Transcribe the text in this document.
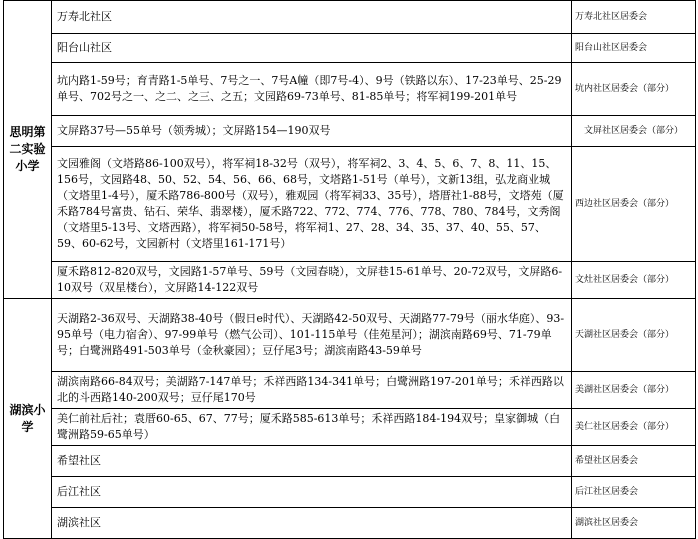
思明第二实验小学	万寿北社区	万寿北社区居委会
	阳台山社区	阳台山社区居委会
	坑内路1-59号；育青路1-5单号、7号之一、7号A幢（即7号-4）、9号（铁路以东）、17-23单号、25-29单号、702号之一、之二、之三、之五；文园路69-73单号、81-85单号；将军祠199-201单号	坑内社区居委会（部分）
	文屏路37号—55单号（领秀城）；文屏路154—190双号	文屏社区居委会（部分）
	文园雅阁（文塔路86-100双号），将军祠18-32号（双号），将军祠2、3、4、5、6、7、8、11、15、156号，文园路48、50、52、54、56、66、68号，文塔路1-51号（单号），文新13组，弘龙商业城（文塔里1-4号），厦禾路786-800号（双号），雅观园（将军祠33、35号），塔厝社1-88号，文塔苑（厦禾路784号富贵、钻石、荣华、翡翠楼），厦禾路722、772、774、776、778、780、784号，文秀阁（文塔里5-13号、文塔西路），将军祠50-58号，将军祠1、27、28、34、35、37、40、55、57、59、60-62号，文园新村（文塔里161-171号）	西边社区居委会（部分）
	厦禾路812-820双号，文园路1-57单号、59号（文园春晓），文屏巷15-61单号、20-72双号，文屏路6-10双号（双星楼台），文屏路14-122双号	文灶社区居委会（部分）
湖滨小学	天湖路2-36双号、天湖路38-40号（假日e时代）、天湖路42-50双号、天湖路77-79号（丽水华庭）、93-95单号（电力宿舍）、97-99单号（燃气公司）、101-115单号（佳苑星河）；湖滨南路69号、71-79单号；白鹭洲路491-503单号（金秋豪园）；豆仔尾3号；湖滨南路43-59单号	天湖社区居委会（部分）
	湖滨南路66-84双号；美湖路7-147单号；禾祥西路134-341单号；白鹭洲路197-201单号；禾祥西路以北的斗西路140-200双号；豆仔尾170号	美湖社区居委会（部分）
	美仁前社后社；袁厝60-65、67、77号；厦禾路585-613单号；禾祥西路184-194双号；皇家御城（白鹭洲路59-65单号）	美仁社区居委会（部分）
	希望社区	希望社区居委会
	后江社区	后江社区居委会
	湖滨社区	湖滨社区居委会
